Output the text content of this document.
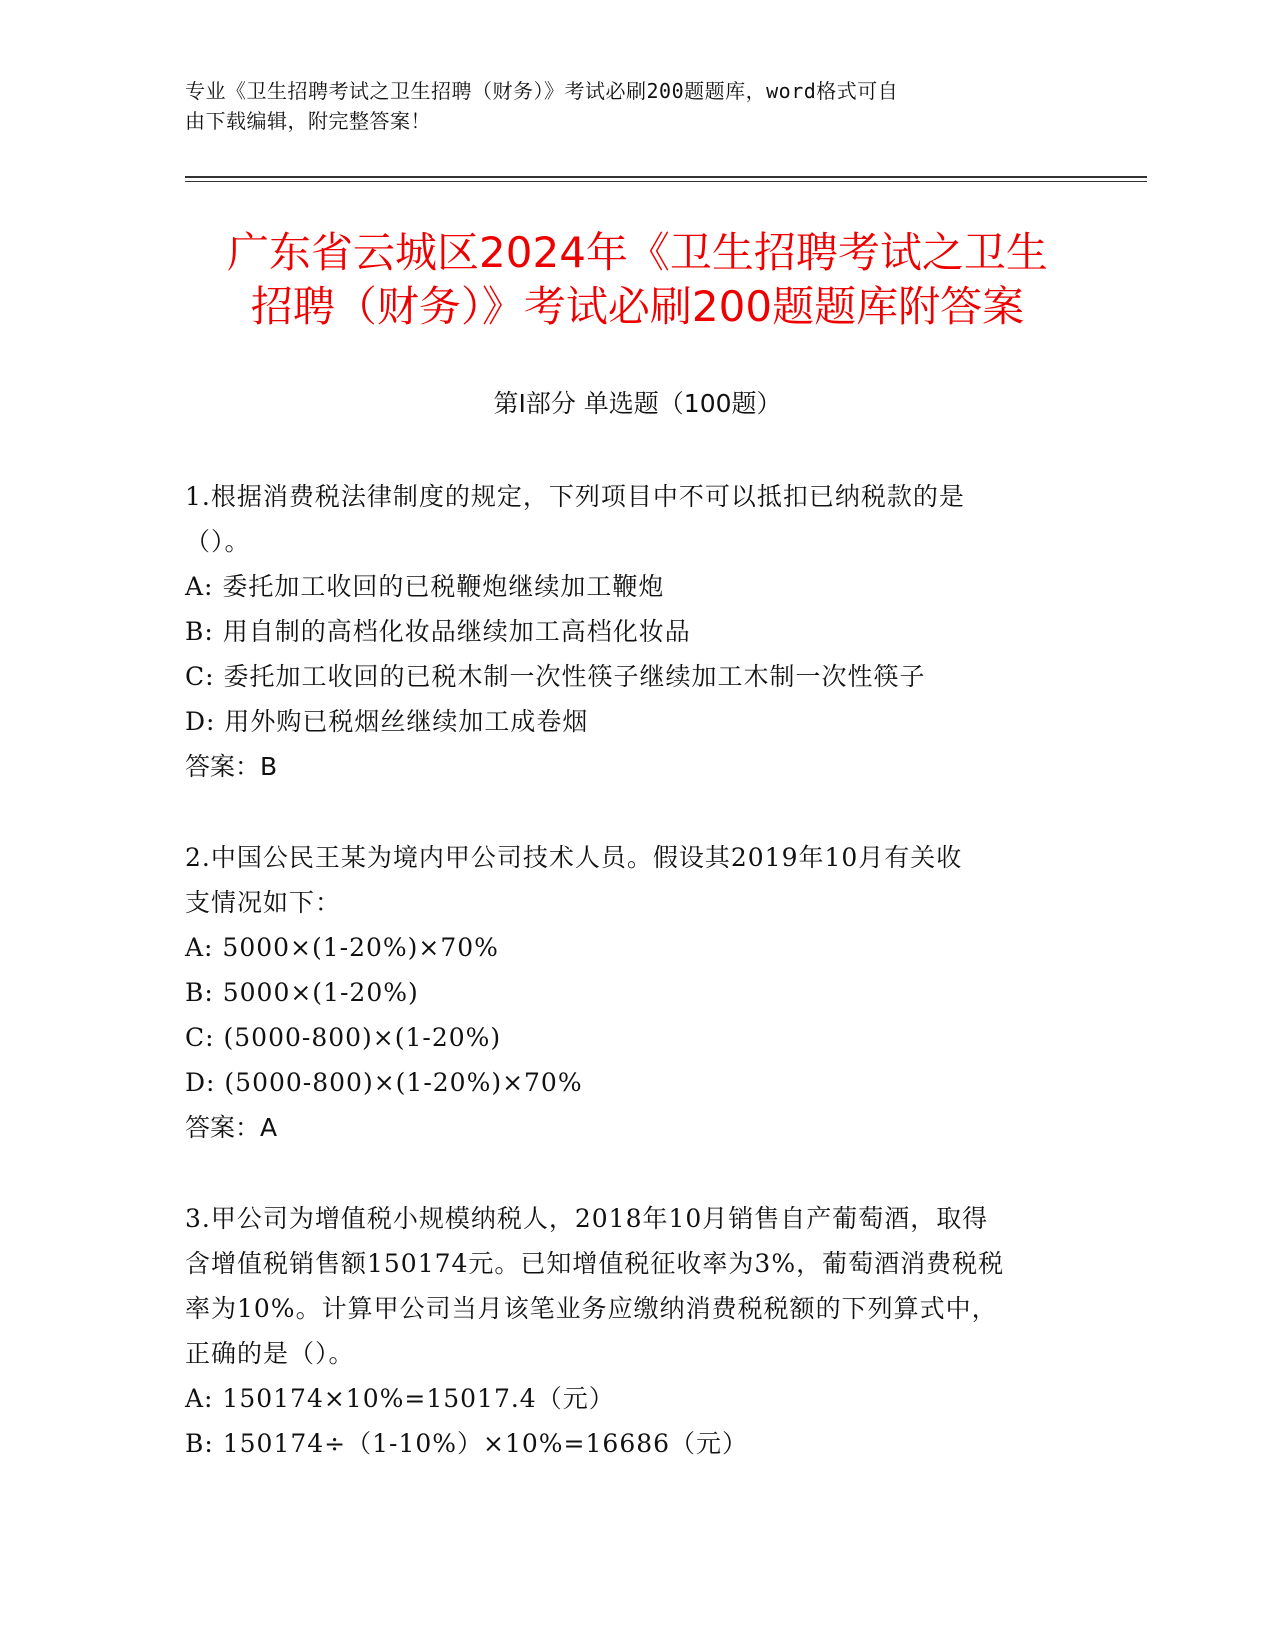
专业《卫生招聘考试之卫生招聘（财务）》考试必刷200题题库，word格式可自
由下载编辑，附完整答案！
广东省云城区2024年《卫生招聘考试之卫生
招聘（财务）》考试必刷200题题库附答案
第I部分 单选题（100题）
1.根据消费税法律制度的规定，下列项目中不可以抵扣已纳税款的是
（）。
A: 委托加工收回的已税鞭炮继续加工鞭炮
B: 用自制的高档化妆品继续加工高档化妆品
C: 委托加工收回的已税木制一次性筷子继续加工木制一次性筷子
D: 用外购已税烟丝继续加工成卷烟
答案：B
2.中国公民王某为境内甲公司技术人员。假设其2019年10月有关收
支情况如下：
A: 5000×(1-20%)×70%
B: 5000×(1-20%)
C: (5000-800)×(1-20%)
D: (5000-800)×(1-20%)×70%
答案：A
3.甲公司为增值税小规模纳税人，2018年10月销售自产葡萄酒，取得
含增值税销售额150174元。已知增值税征收率为3%，葡萄酒消费税税
率为10%。计算甲公司当月该笔业务应缴纳消费税税额的下列算式中，
正确的是（）。
A: 150174×10%=15017.4（元）
B: 150174÷（1-10%）×10%=16686（元）
